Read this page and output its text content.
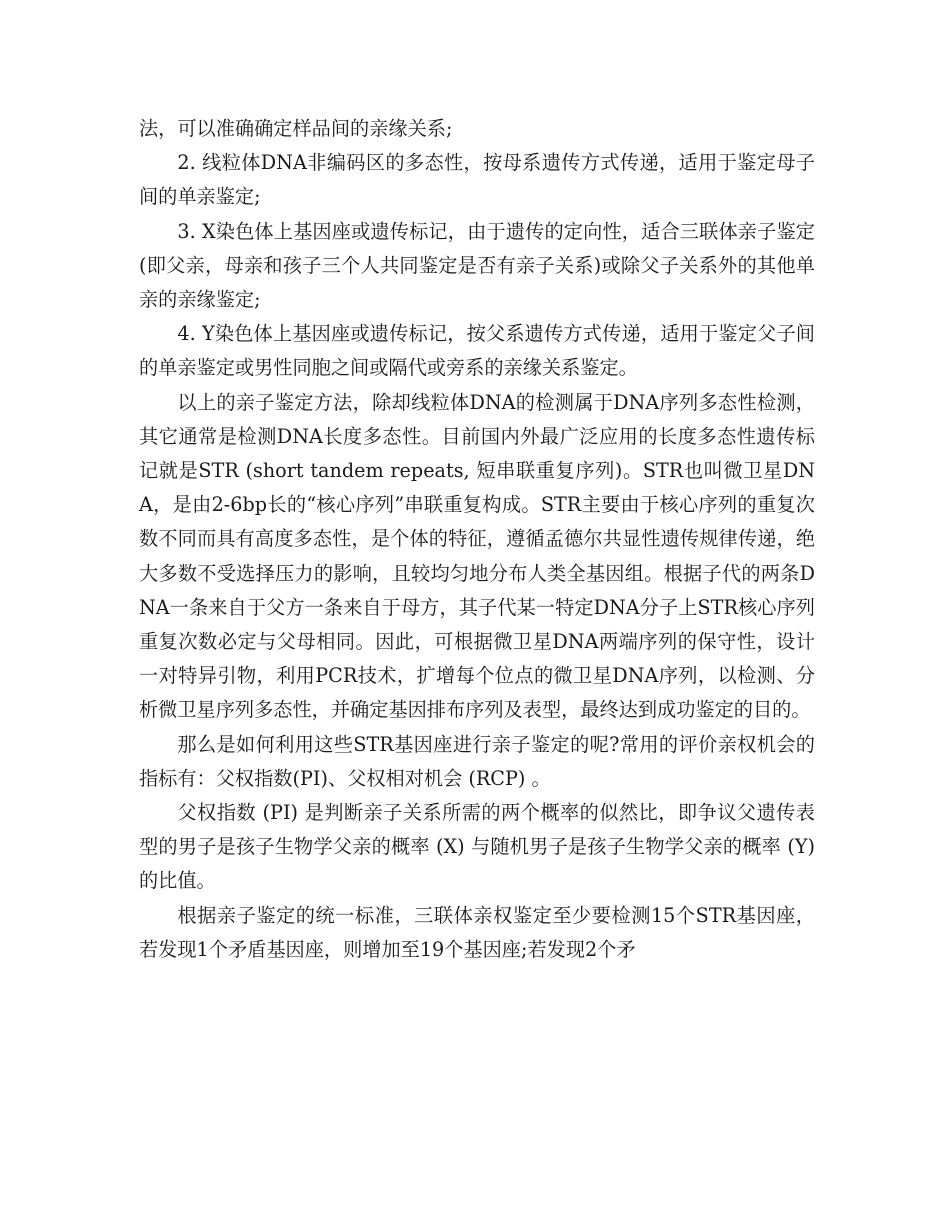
法，可以准确确定样品间的亲缘关系;

2. 线粒体DNA非编码区的多态性，按母系遗传方式传递，适用于鉴定母子间的单亲鉴定;

3. X染色体上基因座或遗传标记，由于遗传的定向性，适合三联体亲子鉴定(即父亲，母亲和孩子三个人共同鉴定是否有亲子关系)或除父子关系外的其他单亲的亲缘鉴定;

4. Y染色体上基因座或遗传标记，按父系遗传方式传递，适用于鉴定父子间的单亲鉴定或男性同胞之间或隔代或旁系的亲缘关系鉴定。

以上的亲子鉴定方法，除却线粒体DNA的检测属于DNA序列多态性检测，其它通常是检测DNA长度多态性。目前国内外最广泛应用的长度多态性遗传标记就是STR (short tandem repeats, 短串联重复序列)。STR也叫微卫星DNA，是由2-6bp长的“核心序列”串联重复构成。STR主要由于核心序列的重复次数不同而具有高度多态性，是个体的特征，遵循孟德尔共显性遗传规律传递，绝大多数不受选择压力的影响，且较均匀地分布人类全基因组。根据子代的两条DNA一条来自于父方一条来自于母方，其子代某一特定DNA分子上STR核心序列重复次数必定与父母相同。因此，可根据微卫星DNA两端序列的保守性，设计一对特异引物，利用PCR技术，扩增每个位点的微卫星DNA序列，以检测、分析微卫星序列多态性，并确定基因排布序列及表型，最终达到成功鉴定的目的。

那么是如何利用这些STR基因座进行亲子鉴定的呢?常用的评价亲权机会的指标有：父权指数(PI)、父权相对机会 (RCP) 。

父权指数 (PI) 是判断亲子关系所需的两个概率的似然比，即争议父遗传表型的男子是孩子生物学父亲的概率 (X) 与随机男子是孩子生物学父亲的概率 (Y) 的比值。

根据亲子鉴定的统一标准，三联体亲权鉴定至少要检测15个STR基因座，若发现1个矛盾基因座，则增加至19个基因座;若发现2个矛
